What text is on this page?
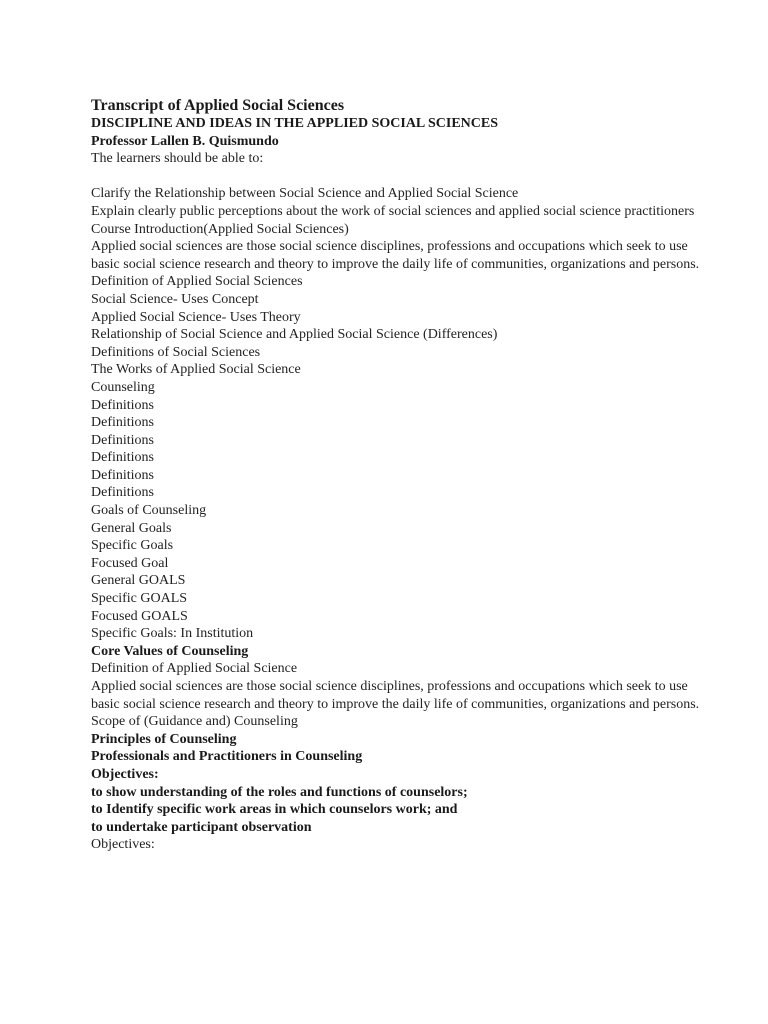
Transcript of Applied Social Sciences
DISCIPLINE AND IDEAS IN THE APPLIED SOCIAL SCIENCES
Professor Lallen B. Quismundo
The learners should be able to:
Clarify the Relationship between Social Science and Applied Social Science
Explain clearly public perceptions about the work of social sciences and applied social science practitioners
Course Introduction(Applied Social Sciences)
Applied social sciences are those social science disciplines, professions and occupations which seek to use basic social science research and theory to improve the daily life of communities, organizations and persons.
Definition of Applied Social Sciences
Social Science- Uses Concept
Applied Social Science- Uses Theory
Relationship of Social Science and Applied Social Science (Differences)
Definitions of Social Sciences
The Works of Applied Social Science
Counseling
Definitions
Definitions
Definitions
Definitions
Definitions
Definitions
Goals of Counseling
General Goals
Specific Goals
Focused Goal
General GOALS
Specific GOALS
Focused GOALS
Specific Goals: In Institution
Core Values of Counseling
Definition of Applied Social Science
Applied social sciences are those social science disciplines, professions and occupations which seek to use basic social science research and theory to improve the daily life of communities, organizations and persons.
Scope of (Guidance and) Counseling
Principles of Counseling
Professionals and Practitioners in Counseling
Objectives:
to show understanding of the roles and functions of counselors;
to Identify specific work areas in which counselors work; and
to undertake participant observation
Objectives:
